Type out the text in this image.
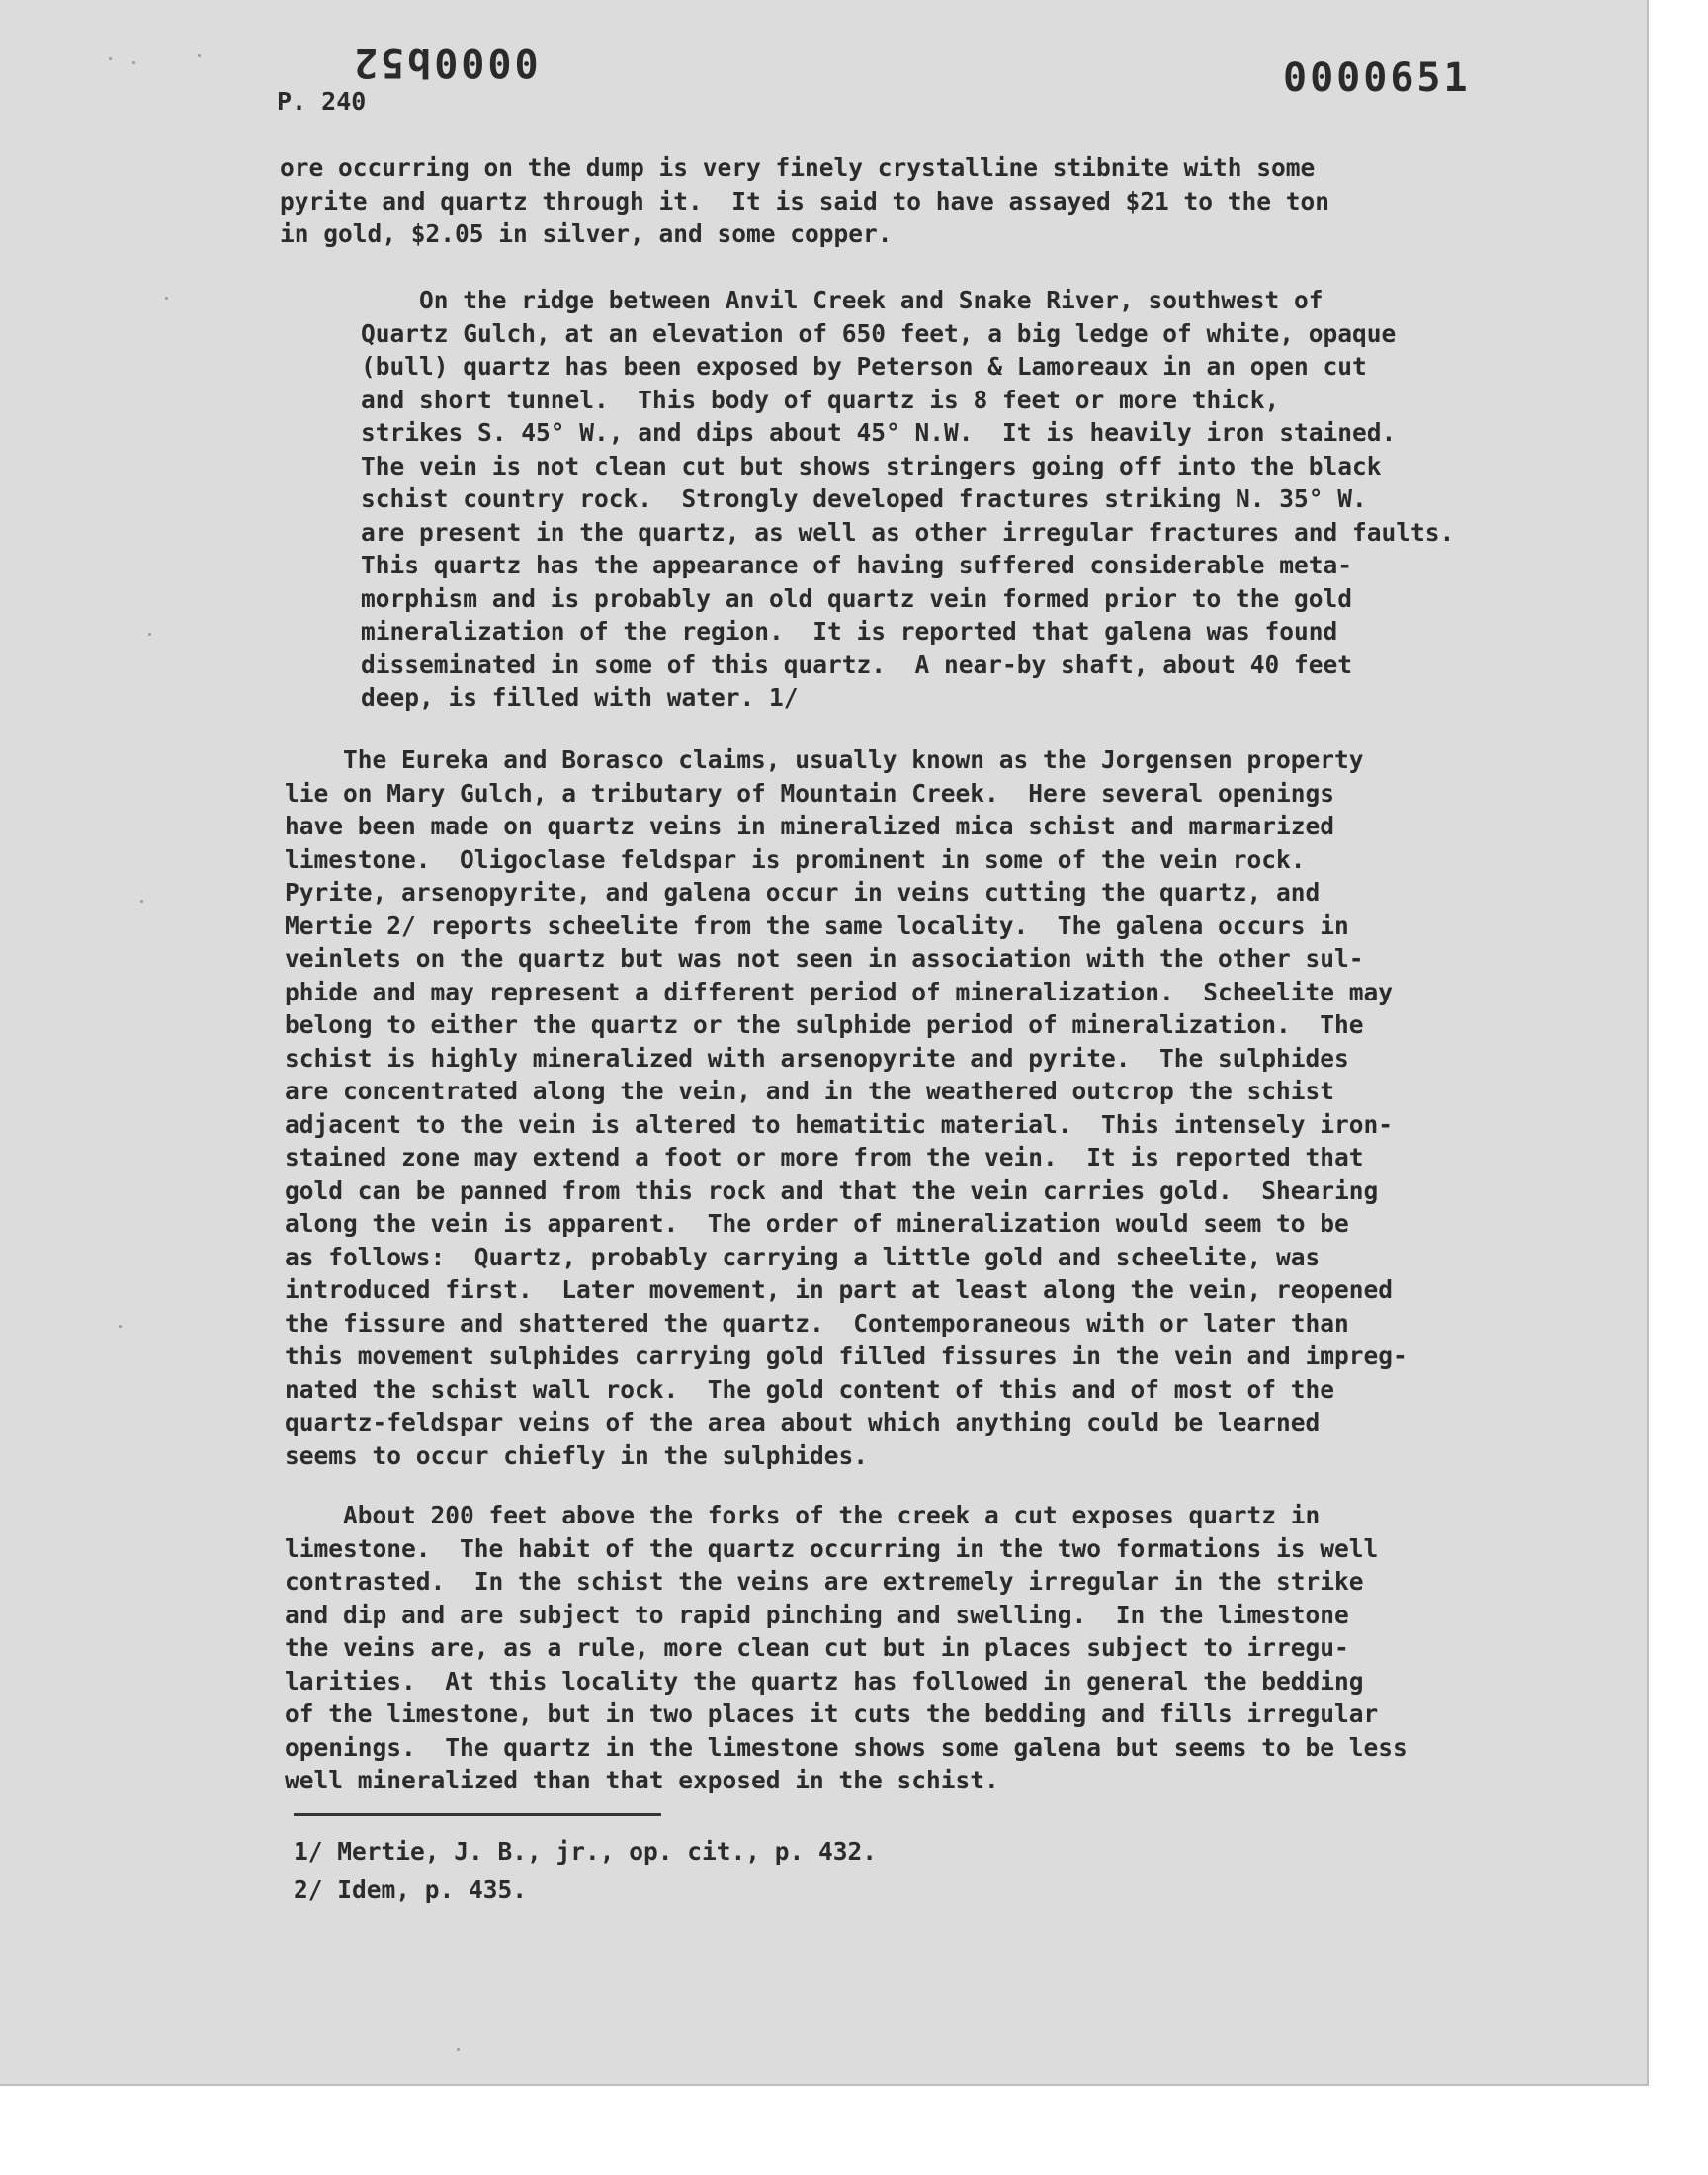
0000b52	0000651
P. 240
ore occurring on the dump is very finely crystalline stibnite with some
pyrite and quartz through it.  It is said to have assayed $21 to the ton
in gold, $2.05 in silver, and some copper.
On the ridge between Anvil Creek and Snake River, southwest of
Quartz Gulch, at an elevation of 650 feet, a big ledge of white, opaque
(bull) quartz has been exposed by Peterson & Lamoreaux in an open cut
and short tunnel.  This body of quartz is 8 feet or more thick,
strikes S. 45° W., and dips about 45° N.W.  It is heavily iron stained.
The vein is not clean cut but shows stringers going off into the black
schist country rock.  Strongly developed fractures striking N. 35° W.
are present in the quartz, as well as other irregular fractures and faults.
This quartz has the appearance of having suffered considerable meta-
morphism and is probably an old quartz vein formed prior to the gold
mineralization of the region.  It is reported that galena was found
disseminated in some of this quartz.  A near-by shaft, about 40 feet
deep, is filled with water. 1/
The Eureka and Borasco claims, usually known as the Jorgensen property
lie on Mary Gulch, a tributary of Mountain Creek.  Here several openings
have been made on quartz veins in mineralized mica schist and marmarized
limestone.  Oligoclase feldspar is prominent in some of the vein rock.
Pyrite, arsenopyrite, and galena occur in veins cutting the quartz, and
Mertie 2/ reports scheelite from the same locality.  The galena occurs in
veinlets on the quartz but was not seen in association with the other sul-
phide and may represent a different period of mineralization.  Scheelite may
belong to either the quartz or the sulphide period of mineralization.  The
schist is highly mineralized with arsenopyrite and pyrite.  The sulphides
are concentrated along the vein, and in the weathered outcrop the schist
adjacent to the vein is altered to hematitic material.  This intensely iron-
stained zone may extend a foot or more from the vein.  It is reported that
gold can be panned from this rock and that the vein carries gold.  Shearing
along the vein is apparent.  The order of mineralization would seem to be
as follows:  Quartz, probably carrying a little gold and scheelite, was
introduced first.  Later movement, in part at least along the vein, reopened
the fissure and shattered the quartz.  Contemporaneous with or later than
this movement sulphides carrying gold filled fissures in the vein and impreg-
nated the schist wall rock.  The gold content of this and of most of the
quartz-feldspar veins of the area about which anything could be learned
seems to occur chiefly in the sulphides.
About 200 feet above the forks of the creek a cut exposes quartz in
limestone.  The habit of the quartz occurring in the two formations is well
contrasted.  In the schist the veins are extremely irregular in the strike
and dip and are subject to rapid pinching and swelling.  In the limestone
the veins are, as a rule, more clean cut but in places subject to irregu-
larities.  At this locality the quartz has followed in general the bedding
of the limestone, but in two places it cuts the bedding and fills irregular
openings.  The quartz in the limestone shows some galena but seems to be less
well mineralized than that exposed in the schist.
1/ Mertie, J. B., jr., op. cit., p. 432.
2/ Idem, p. 435.
